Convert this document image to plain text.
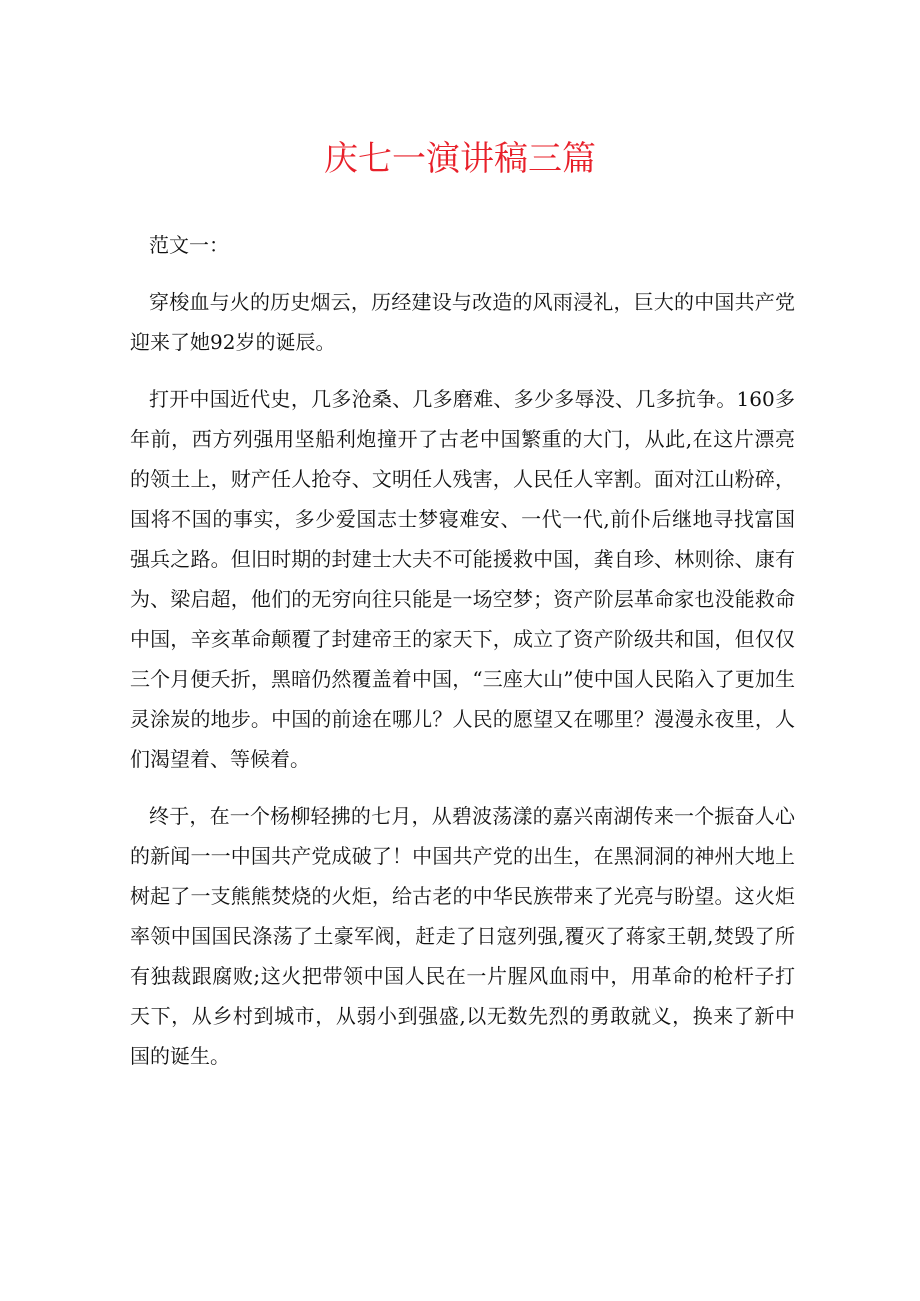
庆七一演讲稿三篇

范文一：

穿梭血与火的历史烟云，历经建设与改造的风雨浸礼，巨大的中国共产党迎来了她92岁的诞辰。

打开中国近代史，几多沧桑、几多磨难、多少多辱没、几多抗争。160多年前，西方列强用坚船利炮撞开了古老中国繁重的大门，从此,在这片漂亮的领土上，财产任人抢夺、文明任人残害，人民任人宰割。面对江山粉碎，国将不国的事实，多少爱国志士梦寝难安、一代一代,前仆后继地寻找富国强兵之路。但旧时期的封建士大夫不可能援救中国，龚自珍、林则徐、康有为、梁启超，他们的无穷向往只能是一场空梦；资产阶层革命家也没能救命中国，辛亥革命颠覆了封建帝王的家天下，成立了资产阶级共和国，但仅仅三个月便夭折，黑暗仍然覆盖着中国，“三座大山”使中国人民陷入了更加生灵涂炭的地步。中国的前途在哪儿？人民的愿望又在哪里？漫漫永夜里，人们渴望着、等候着。

终于，在一个杨柳轻拂的七月，从碧波荡漾的嘉兴南湖传来一个振奋人心的新闻一一中国共产党成破了！中国共产党的出生，在黑洞洞的神州大地上树起了一支熊熊焚烧的火炬，给古老的中华民族带来了光亮与盼望。这火炬率领中国国民涤荡了土豪军阀，赶走了日寇列强,覆灭了蒋家王朝,焚毁了所有独裁跟腐败;这火把带领中国人民在一片腥风血雨中，用革命的枪杆子打天下，从乡村到城市，从弱小到强盛,以无数先烈的勇敢就义，换来了新中国的诞生。
